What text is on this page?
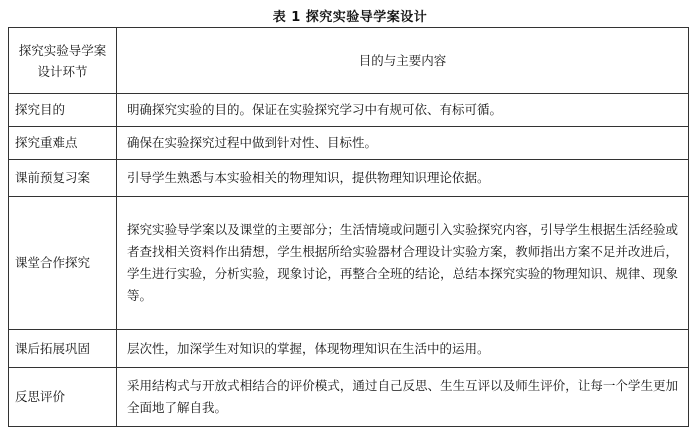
表 1 探究实验导学案设计
探究实验导学案设计环节	目的与主要内容
探究目的	明确探究实验的目的。保证在实验探究学习中有规可依、有标可循。
探究重难点	确保在实验探究过程中做到针对性、目标性。
课前预复习案	引导学生熟悉与本实验相关的物理知识，提供物理知识理论依据。
课堂合作探究	探究实验导学案以及课堂的主要部分；生活情境或问题引入实验探究内容，引导学生根据生活经验或者查找相关资料作出猜想，学生根据所给实验器材合理设计实验方案，教师指出方案不足并改进后，学生进行实验，分析实验，现象讨论，再整合全班的结论，总结本探究实验的物理知识、规律、现象等。
课后拓展巩固	层次性，加深学生对知识的掌握，体现物理知识在生活中的运用。
反思评价	采用结构式与开放式相结合的评价模式，通过自己反思、生生互评以及师生评价，让每一个学生更加全面地了解自我。
